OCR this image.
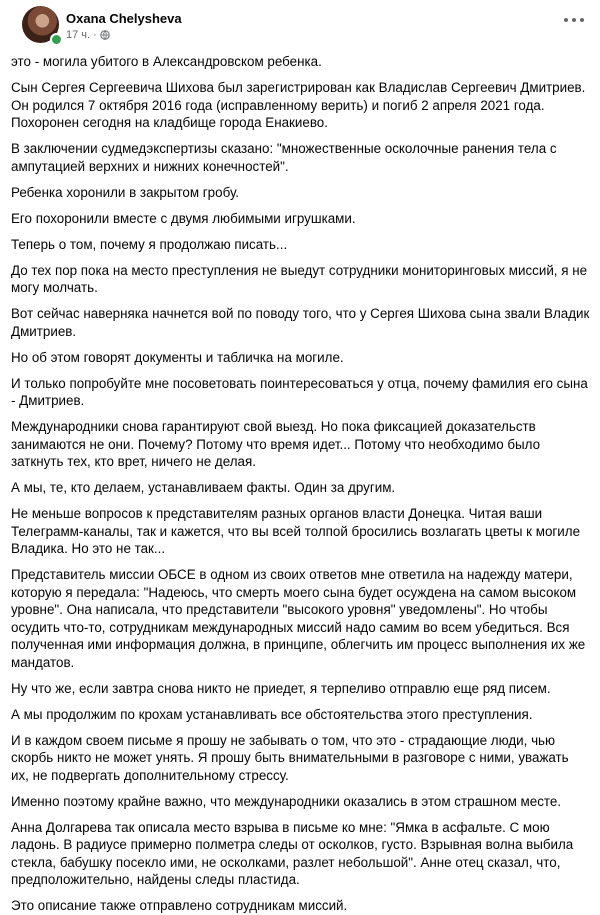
Oxana Chelysheva
17 ч. ·

это - могила убитого в Александровском ребенка.

Сын Сергея Сергеевича Шихова был зарегистрирован как Владислав Сергеевич Дмитриев. Он родился 7 октября 2016 года (исправленному верить) и погиб 2 апреля 2021 года. Похоронен сегодня на кладбище города Енакиево.

В заключении судмедэкспертизы сказано: "множественные осколочные ранения тела с ампутацией верхних и нижних конечностей".

Ребенка хоронили в закрытом гробу.

Его похоронили вместе с двумя любимыми игрушками.

Теперь о том, почему я продолжаю писать...

До тех пор пока на место преступления не выедут сотрудники мониторинговых миссий, я не могу молчать.

Вот сейчас наверняка начнется вой по поводу того, что у Сергея Шихова сына звали Владик Дмитриев.

Но об этом говорят документы и табличка на могиле.

И только попробуйте мне посоветовать поинтересоваться у отца, почему фамилия его сына - Дмитриев.

Международники снова гарантируют свой выезд. Но пока фиксацией доказательств занимаются не они. Почему? Потому что время идет... Потому что необходимо было заткнуть тех, кто врет, ничего не делая.

А мы, те, кто делаем, устанавливаем факты. Один за другим.

Не меньше вопросов к представителям разных органов власти Донецка. Читая ваши Телеграмм-каналы, так и кажется, что вы всей толпой бросились возлагать цветы к могиле Владика. Но это не так...

Представитель миссии ОБСЕ в одном из своих ответов мне ответила на надежду матери, которую я передала: "Надеюсь, что смерть моего сына будет осуждена на самом высоком уровне". Она написала, что представители "высокого уровня" уведомлены". Но чтобы осудить что-то, сотрудникам международных миссий надо самим во всем убедиться. Вся полученная ими информация должна, в принципе, облегчить им процесс выполнения их же мандатов.

Ну что же, если завтра снова никто не приедет, я терпеливо отправлю еще ряд писем.

А мы продолжим по крохам устанавливать все обстоятельства этого преступления.

И в каждом своем письме я прошу не забывать о том, что это - страдающие люди, чью скорбь никто не может унять. Я прошу быть внимательными в разговоре с ними, уважать их, не подвергать дополнительному стрессу.

Именно поэтому крайне важно, что международники оказались в этом страшном месте.

Анна Долгарева так описала место взрыва в письме ко мне: "Ямка в асфальте. С мою ладонь. В радиусе примерно полметра следы от осколков, густо. Взрывная волна выбила стекла, бабушку посекло ими, не осколками, разлет небольшой". Анне отец сказал, что, предположительно, найдены следы пластида.

Это описание также отправлено сотрудникам миссий.
